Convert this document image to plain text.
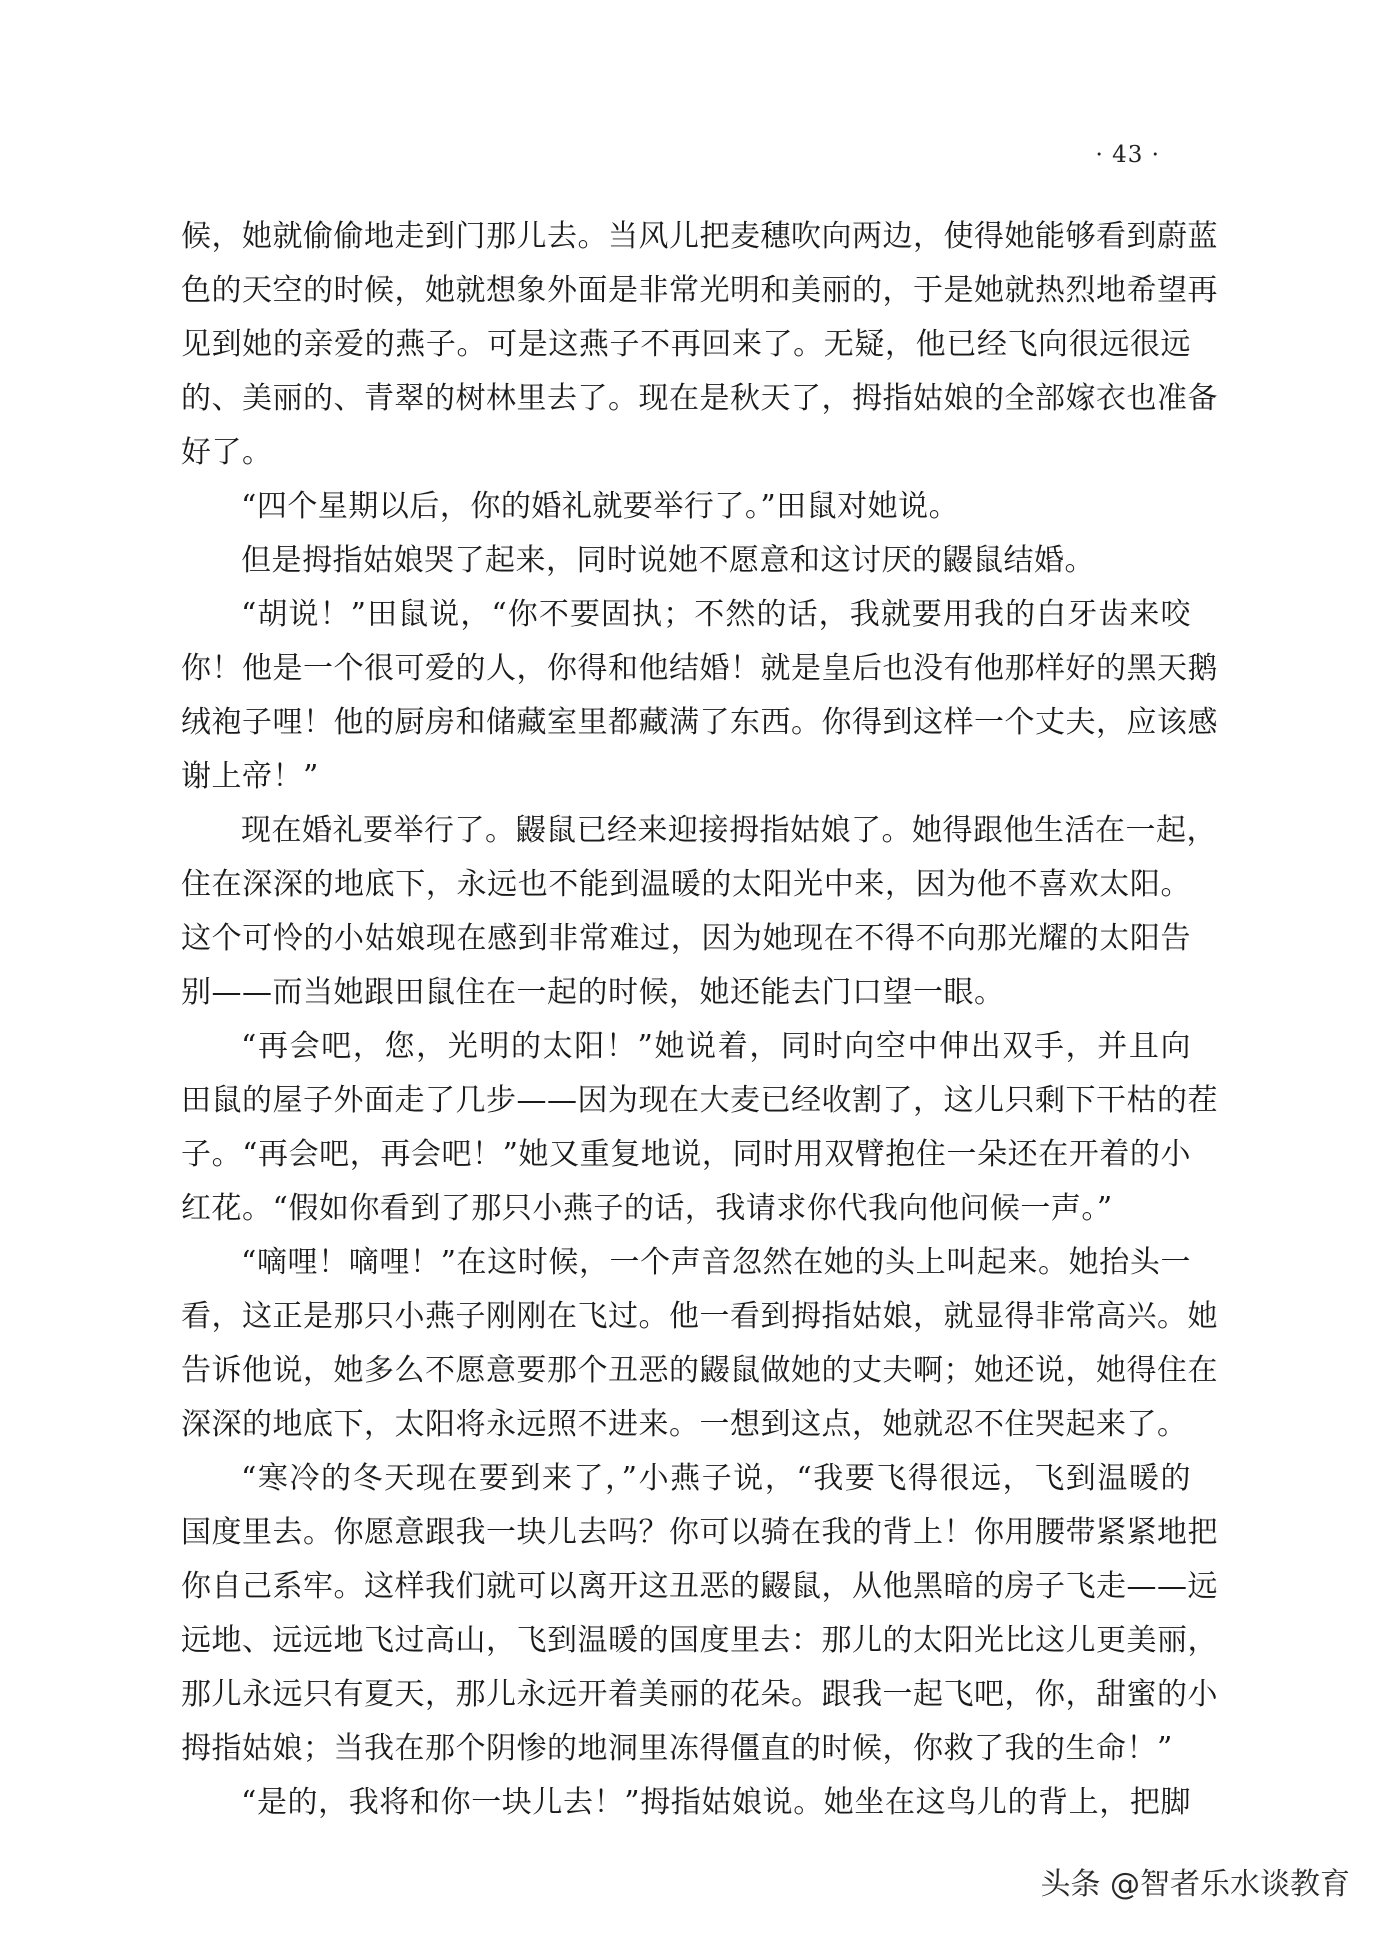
· 43 ·
候，她就偷偷地走到门那儿去。当风儿把麦穗吹向两边，使得她能够看到蔚蓝
色的天空的时候，她就想象外面是非常光明和美丽的，于是她就热烈地希望再
见到她的亲爱的燕子。可是这燕子不再回来了。无疑，他已经飞向很远很远
的、美丽的、青翠的树林里去了。现在是秋天了，拇指姑娘的全部嫁衣也准备
好了。
“四个星期以后，你的婚礼就要举行了。”田鼠对她说。
但是拇指姑娘哭了起来，同时说她不愿意和这讨厌的鼹鼠结婚。
“胡说！”田鼠说，“你不要固执；不然的话，我就要用我的白牙齿来咬
你！他是一个很可爱的人，你得和他结婚！就是皇后也没有他那样好的黑天鹅
绒袍子哩！他的厨房和储藏室里都藏满了东西。你得到这样一个丈夫，应该感
谢上帝！”
现在婚礼要举行了。鼹鼠已经来迎接拇指姑娘了。她得跟他生活在一起，
住在深深的地底下，永远也不能到温暖的太阳光中来，因为他不喜欢太阳。
这个可怜的小姑娘现在感到非常难过，因为她现在不得不向那光耀的太阳告
别——而当她跟田鼠住在一起的时候，她还能去门口望一眼。
“再会吧，您，光明的太阳！”她说着，同时向空中伸出双手，并且向
田鼠的屋子外面走了几步——因为现在大麦已经收割了，这儿只剩下干枯的茬
子。“再会吧，再会吧！”她又重复地说，同时用双臂抱住一朵还在开着的小
红花。“假如你看到了那只小燕子的话，我请求你代我向他问候一声。”
“嘀哩！嘀哩！”在这时候，一个声音忽然在她的头上叫起来。她抬头一
看，这正是那只小燕子刚刚在飞过。他一看到拇指姑娘，就显得非常高兴。她
告诉他说，她多么不愿意要那个丑恶的鼹鼠做她的丈夫啊；她还说，她得住在
深深的地底下，太阳将永远照不进来。一想到这点，她就忍不住哭起来了。
“寒冷的冬天现在要到来了，”小燕子说，“我要飞得很远，飞到温暖的
国度里去。你愿意跟我一块儿去吗？你可以骑在我的背上！你用腰带紧紧地把
你自己系牢。这样我们就可以离开这丑恶的鼹鼠，从他黑暗的房子飞走——远
远地、远远地飞过高山，飞到温暖的国度里去：那儿的太阳光比这儿更美丽，
那儿永远只有夏天，那儿永远开着美丽的花朵。跟我一起飞吧，你，甜蜜的小
拇指姑娘；当我在那个阴惨的地洞里冻得僵直的时候，你救了我的生命！”
“是的，我将和你一块儿去！”拇指姑娘说。她坐在这鸟儿的背上，把脚
头条 @智者乐水谈教育
